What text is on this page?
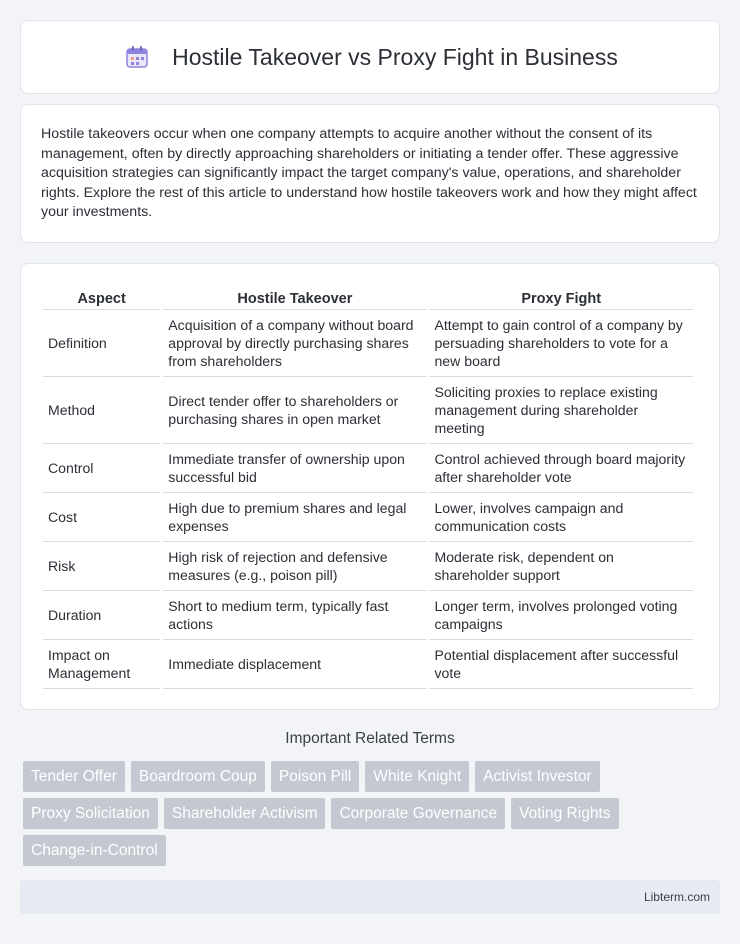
Hostile Takeover vs Proxy Fight in Business

Hostile takeovers occur when one company attempts to acquire another without the consent of its management, often by directly approaching shareholders or initiating a tender offer. These aggressive acquisition strategies can significantly impact the target company's value, operations, and shareholder rights. Explore the rest of this article to understand how hostile takeovers work and how they might affect your investments.

Aspect	Hostile Takeover	Proxy Fight
Definition	Acquisition of a company without board approval by directly purchasing shares from shareholders	Attempt to gain control of a company by persuading shareholders to vote for a new board
Method	Direct tender offer to shareholders or purchasing shares in open market	Soliciting proxies to replace existing management during shareholder meeting
Control	Immediate transfer of ownership upon successful bid	Control achieved through board majority after shareholder vote
Cost	High due to premium shares and legal expenses	Lower, involves campaign and communication costs
Risk	High risk of rejection and defensive measures (e.g., poison pill)	Moderate risk, dependent on shareholder support
Duration	Short to medium term, typically fast actions	Longer term, involves prolonged voting campaigns
Impact on Management	Immediate displacement	Potential displacement after successful vote
Important Related Terms
Tender Offer	Boardroom Coup	Poison Pill	White Knight	Activist Investor
Proxy Solicitation	Shareholder Activism	Corporate Governance	Voting Rights
Change-in-Control
Libterm.com
